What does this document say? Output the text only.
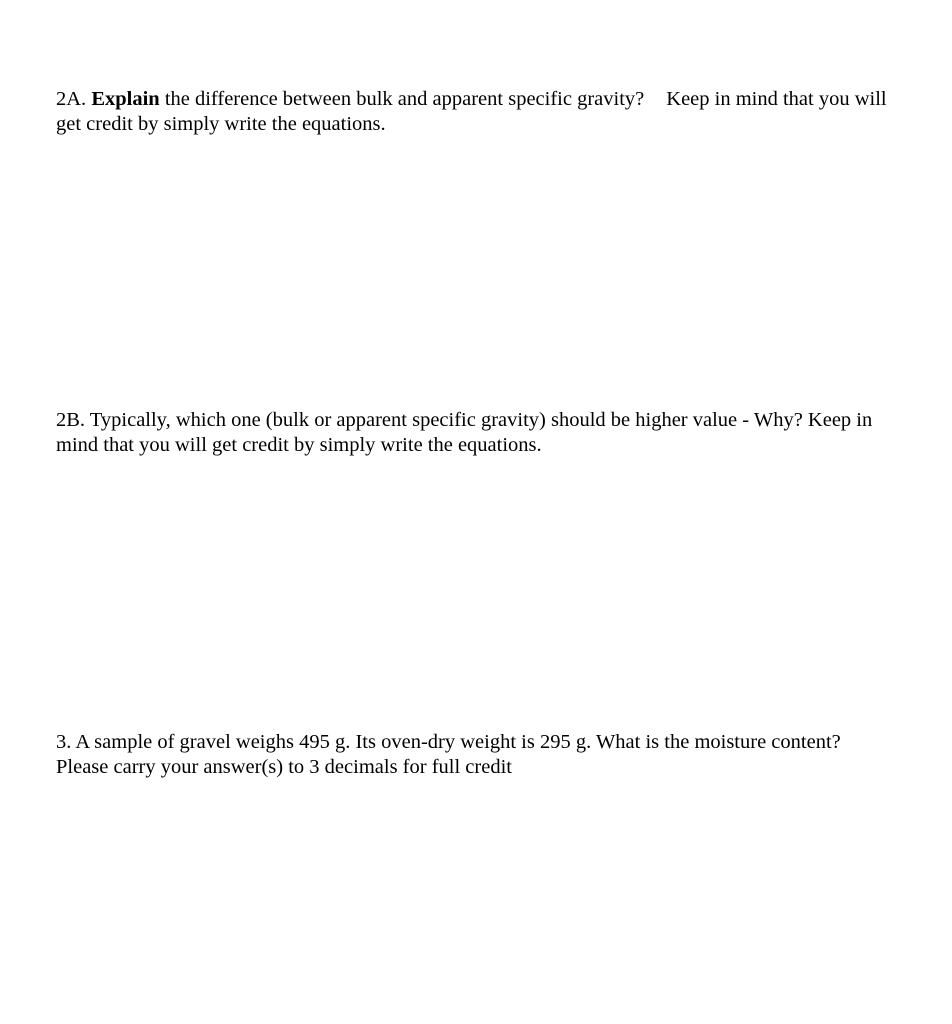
2A. Explain the difference between bulk and apparent specific gravity? Keep in mind that you will
get credit by simply write the equations.
2B. Typically, which one (bulk or apparent specific gravity) should be higher value - Why? Keep in
mind that you will get credit by simply write the equations.
3. A sample of gravel weighs 495 g. Its oven-dry weight is 295 g. What is the moisture content?
Please carry your answer(s) to 3 decimals for full credit
